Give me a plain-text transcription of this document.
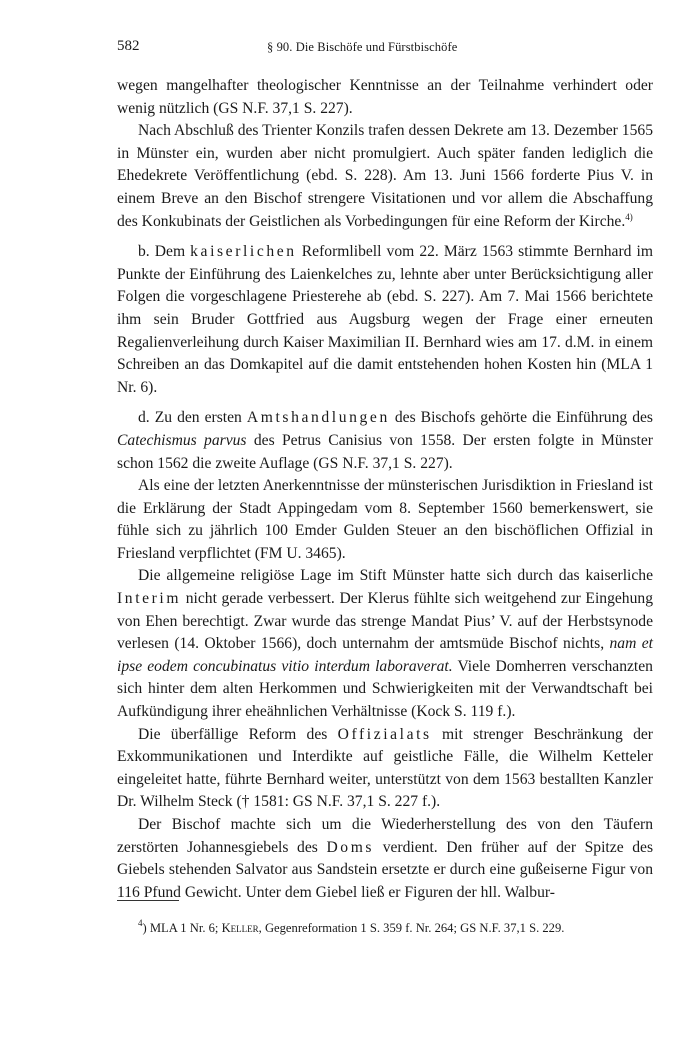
582	§ 90. Die Bischöfe und Fürstbischöfe

wegen mangelhafter theologischer Kenntnisse an der Teilnahme verhindert oder wenig nützlich (GS N.F. 37,1 S. 227).

Nach Abschluß des Trienter Konzils trafen dessen Dekrete am 13. Dezember 1565 in Münster ein, wurden aber nicht promulgiert. Auch später fanden lediglich die Ehedekrete Veröffentlichung (ebd. S. 228). Am 13. Juni 1566 forderte Pius V. in einem Breve an den Bischof strengere Visitationen und vor allem die Abschaffung des Konkubinats der Geistlichen als Vorbedingungen für eine Reform der Kirche.$^{4)}$

b. Dem kaiserlichen Reformlibell vom 22. März 1563 stimmte Bernhard im Punkte der Einführung des Laienkelches zu, lehnte aber unter Berücksichtigung aller Folgen die vorgeschlagene Priesterehe ab (ebd. S. 227). Am 7. Mai 1566 berichtete ihm sein Bruder Gottfried aus Augsburg wegen der Frage einer erneuten Regalienverleihung durch Kaiser Maximilian II. Bernhard wies am 17. d.M. in einem Schreiben an das Domkapitel auf die damit entstehenden hohen Kosten hin (MLA 1 Nr. 6).

d. Zu den ersten Amtshandlungen des Bischofs gehörte die Einführung des Catechismus parvus des Petrus Canisius von 1558. Der ersten folgte in Münster schon 1562 die zweite Auflage (GS N.F. 37,1 S. 227).

Als eine der letzten Anerkenntnisse der münsterischen Jurisdiktion in Friesland ist die Erklärung der Stadt Appingedam vom 8. September 1560 bemerkenswert, sie fühle sich zu jährlich 100 Emder Gulden Steuer an den bischöflichen Offizial in Friesland verpflichtet (FM U. 3465).

Die allgemeine religiöse Lage im Stift Münster hatte sich durch das kaiserliche Interim nicht gerade verbessert. Der Klerus fühlte sich weitgehend zur Eingehung von Ehen berechtigt. Zwar wurde das strenge Mandat Pius’ V. auf der Herbstsynode verlesen (14. Oktober 1566), doch unternahm der amtsmüde Bischof nichts, nam et ipse eodem concubinatus vitio interdum laboraverat. Viele Domherren verschanzten sich hinter dem alten Herkommen und Schwierigkeiten mit der Verwandtschaft bei Aufkündigung ihrer eheähnlichen Verhältnisse (Kock S. 119 f.).

Die überfällige Reform des Offizialats mit strenger Beschränkung der Exkommunikationen und Interdikte auf geistliche Fälle, die Wilhelm Ketteler eingeleitet hatte, führte Bernhard weiter, unterstützt von dem 1563 bestallten Kanzler Dr. Wilhelm Steck († 1581: GS N.F. 37,1 S. 227 f.).

Der Bischof machte sich um die Wiederherstellung des von den Täufern zerstörten Johannesgiebels des Doms verdient. Den früher auf der Spitze des Giebels stehenden Salvator aus Sandstein ersetzte er durch eine gußeiserne Figur von 116 Pfund Gewicht. Unter dem Giebel ließ er Figuren der hll. Walbur-

$^4$) MLA 1 Nr. 6; Keller, Gegenreformation 1 S. 359 f. Nr. 264; GS N.F. 37,1 S. 229.
